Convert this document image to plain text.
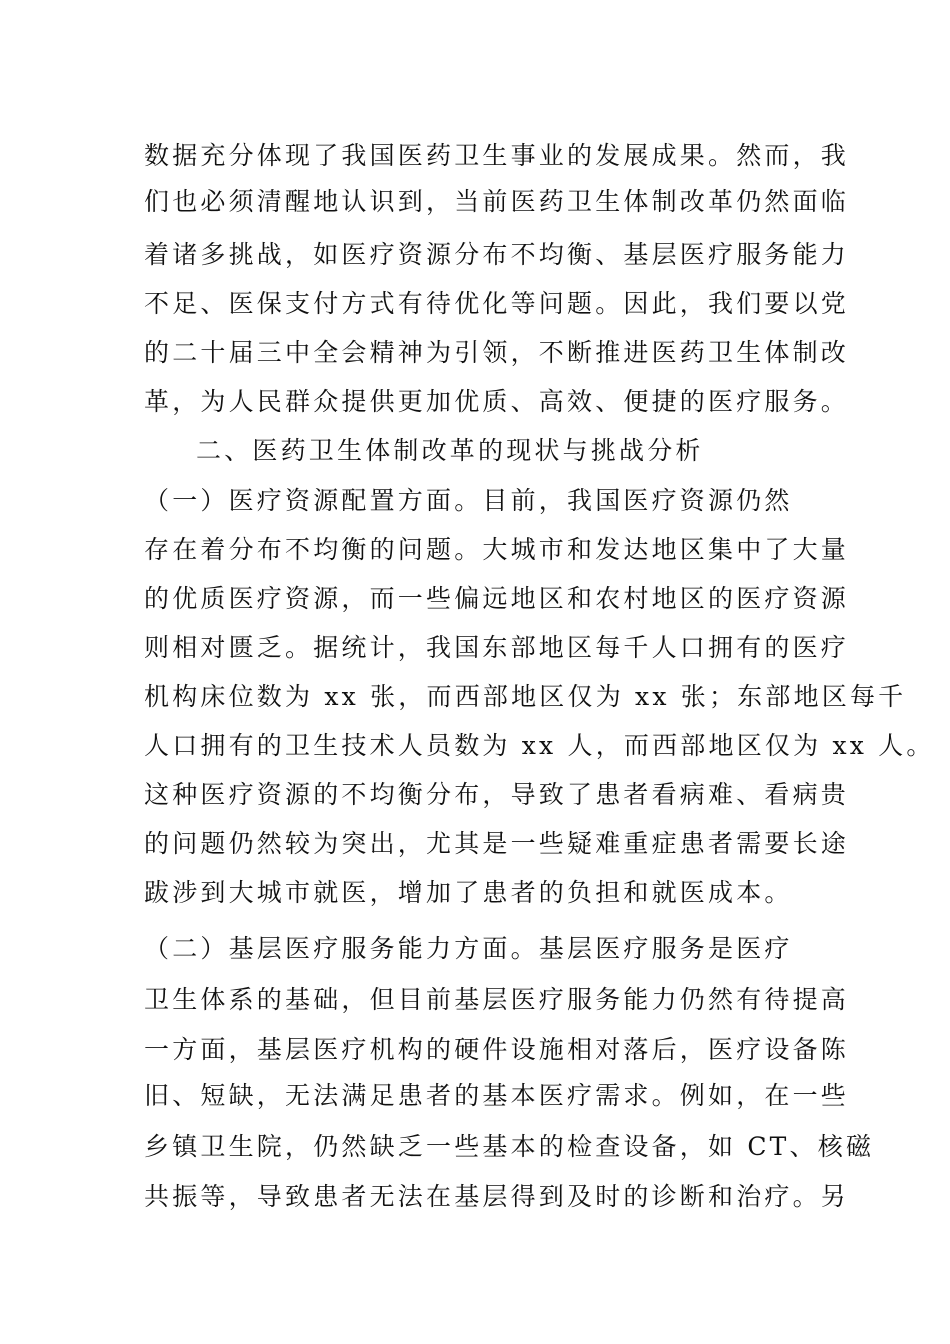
数据充分体现了我国医药卫生事业的发展成果。然而，我
们也必须清醒地认识到，当前医药卫生体制改革仍然面临
着诸多挑战，如医疗资源分布不均衡、基层医疗服务能力
不足、医保支付方式有待优化等问题。因此，我们要以党
的二十届三中全会精神为引领，不断推进医药卫生体制改
革，为人民群众提供更加优质、高效、便捷的医疗服务。
二、医药卫生体制改革的现状与挑战分析
（一）医疗资源配置方面。目前，我国医疗资源仍然
存在着分布不均衡的问题。大城市和发达地区集中了大量
的优质医疗资源，而一些偏远地区和农村地区的医疗资源
则相对匮乏。据统计，我国东部地区每千人口拥有的医疗
机构床位数为 xx 张，而西部地区仅为 xx 张；东部地区每千
人口拥有的卫生技术人员数为 xx 人，而西部地区仅为 xx 人。
这种医疗资源的不均衡分布，导致了患者看病难、看病贵
的问题仍然较为突出，尤其是一些疑难重症患者需要长途
跋涉到大城市就医，增加了患者的负担和就医成本。
（二）基层医疗服务能力方面。基层医疗服务是医疗
卫生体系的基础，但目前基层医疗服务能力仍然有待提高
一方面，基层医疗机构的硬件设施相对落后，医疗设备陈
旧、短缺，无法满足患者的基本医疗需求。例如，在一些
乡镇卫生院，仍然缺乏一些基本的检查设备，如 CT、核磁
共振等，导致患者无法在基层得到及时的诊断和治疗。另
